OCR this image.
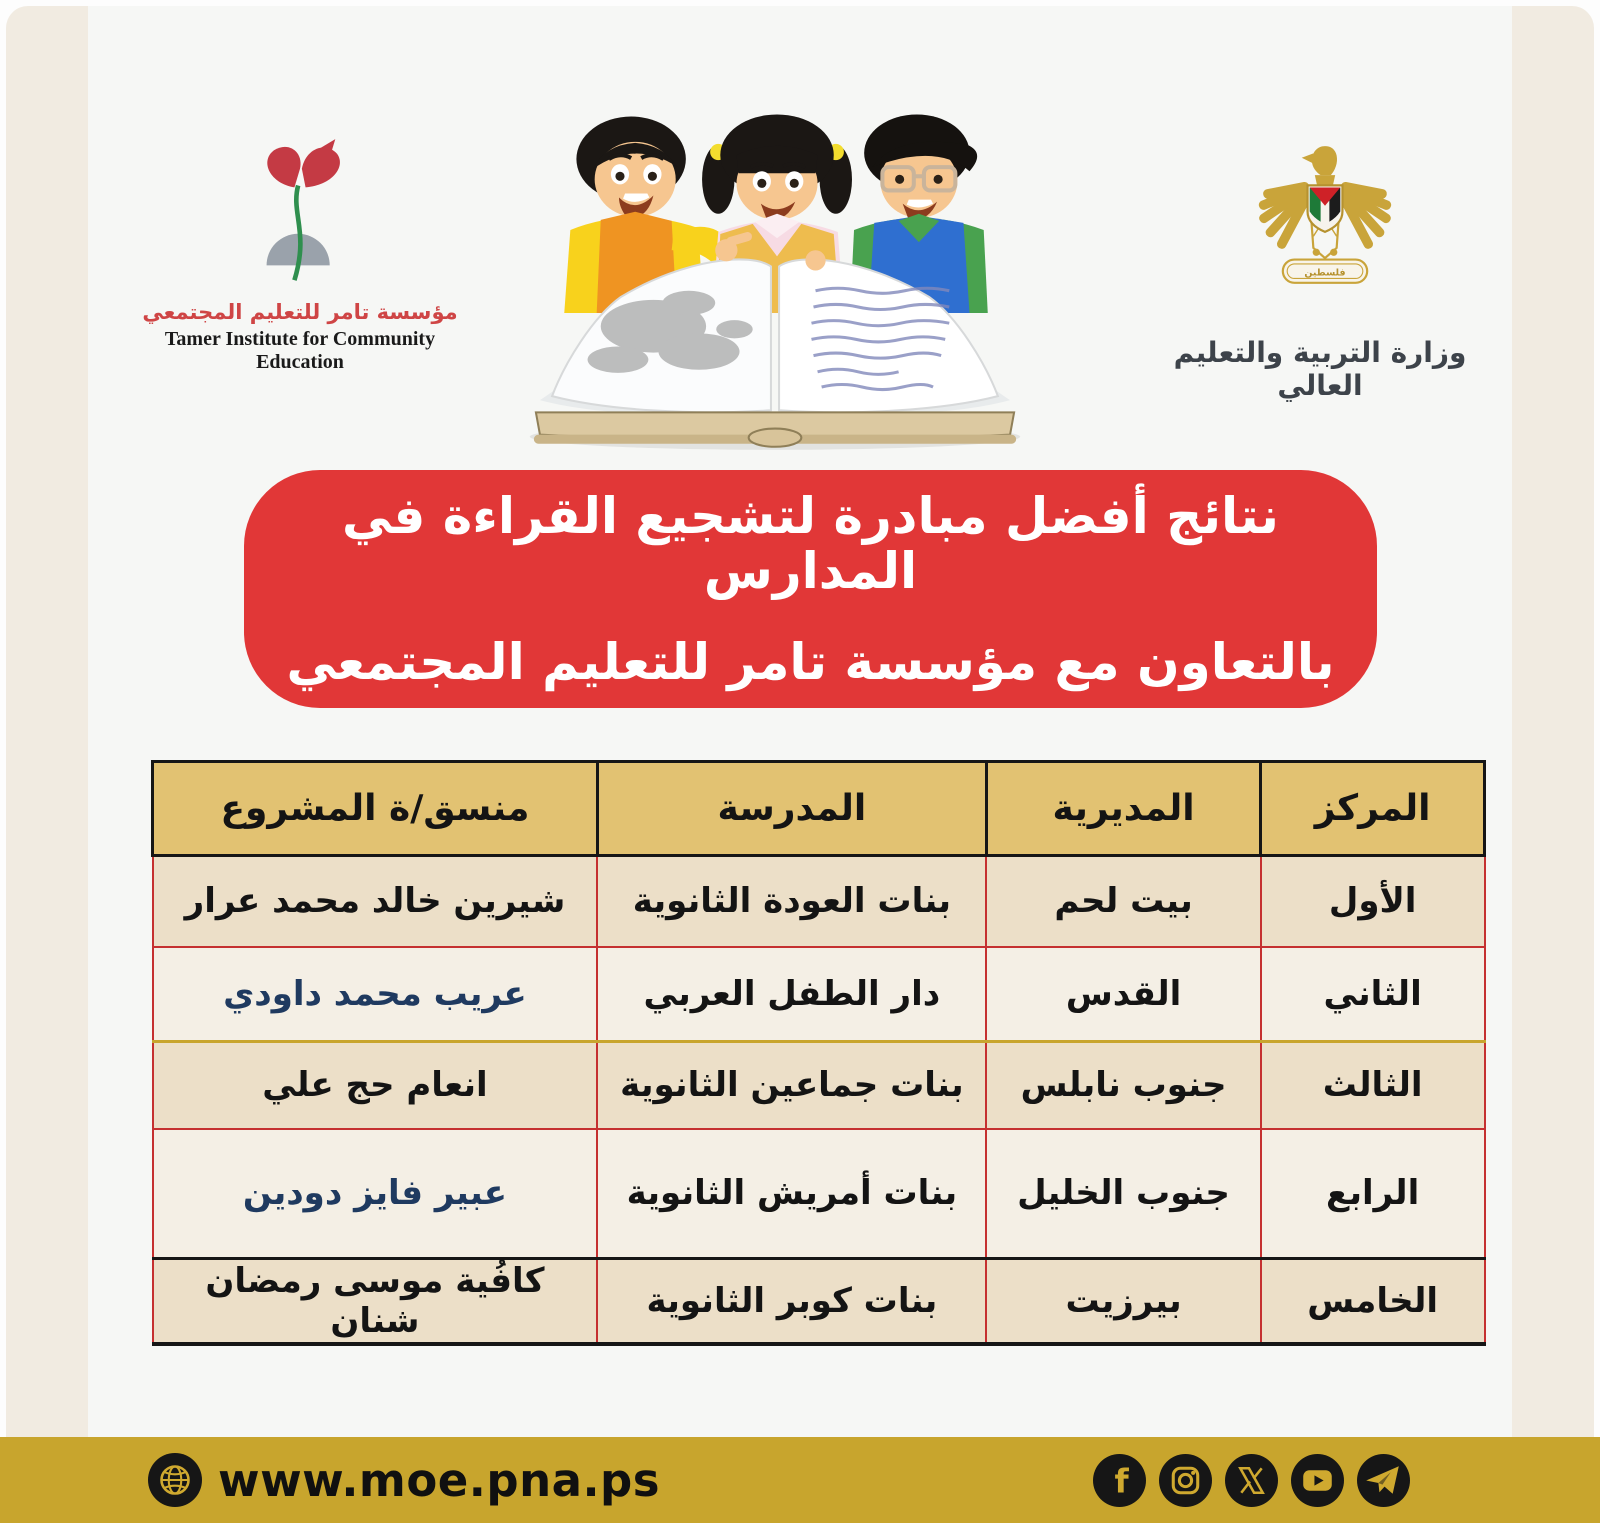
مؤسسة تامر للتعليم المجتمعي
Tamer Institute for Community Education
فلسطين
وزارة التربية والتعليم العالي
نتائج أفضل مبادرة لتشجيع القراءة في المدارس
بالتعاون مع مؤسسة تامر للتعليم المجتمعي
المركز	المديرية	المدرسة	منسق/ة المشروع
الأول	بيت لحم	بنات العودة الثانوية	شيرين خالد محمد عرار
الثاني	القدس	دار الطفل العربي	عريب محمد داودي
الثالث	جنوب نابلس	بنات جماعين الثانوية	انعام حج علي
الرابع	جنوب الخليل	بنات أمريش الثانوية	عبير فايز دودين
الخامس	بيرزيت	بنات كوبر الثانوية	كافُية موسى رمضان شنان
www.moe.pna.ps	f
